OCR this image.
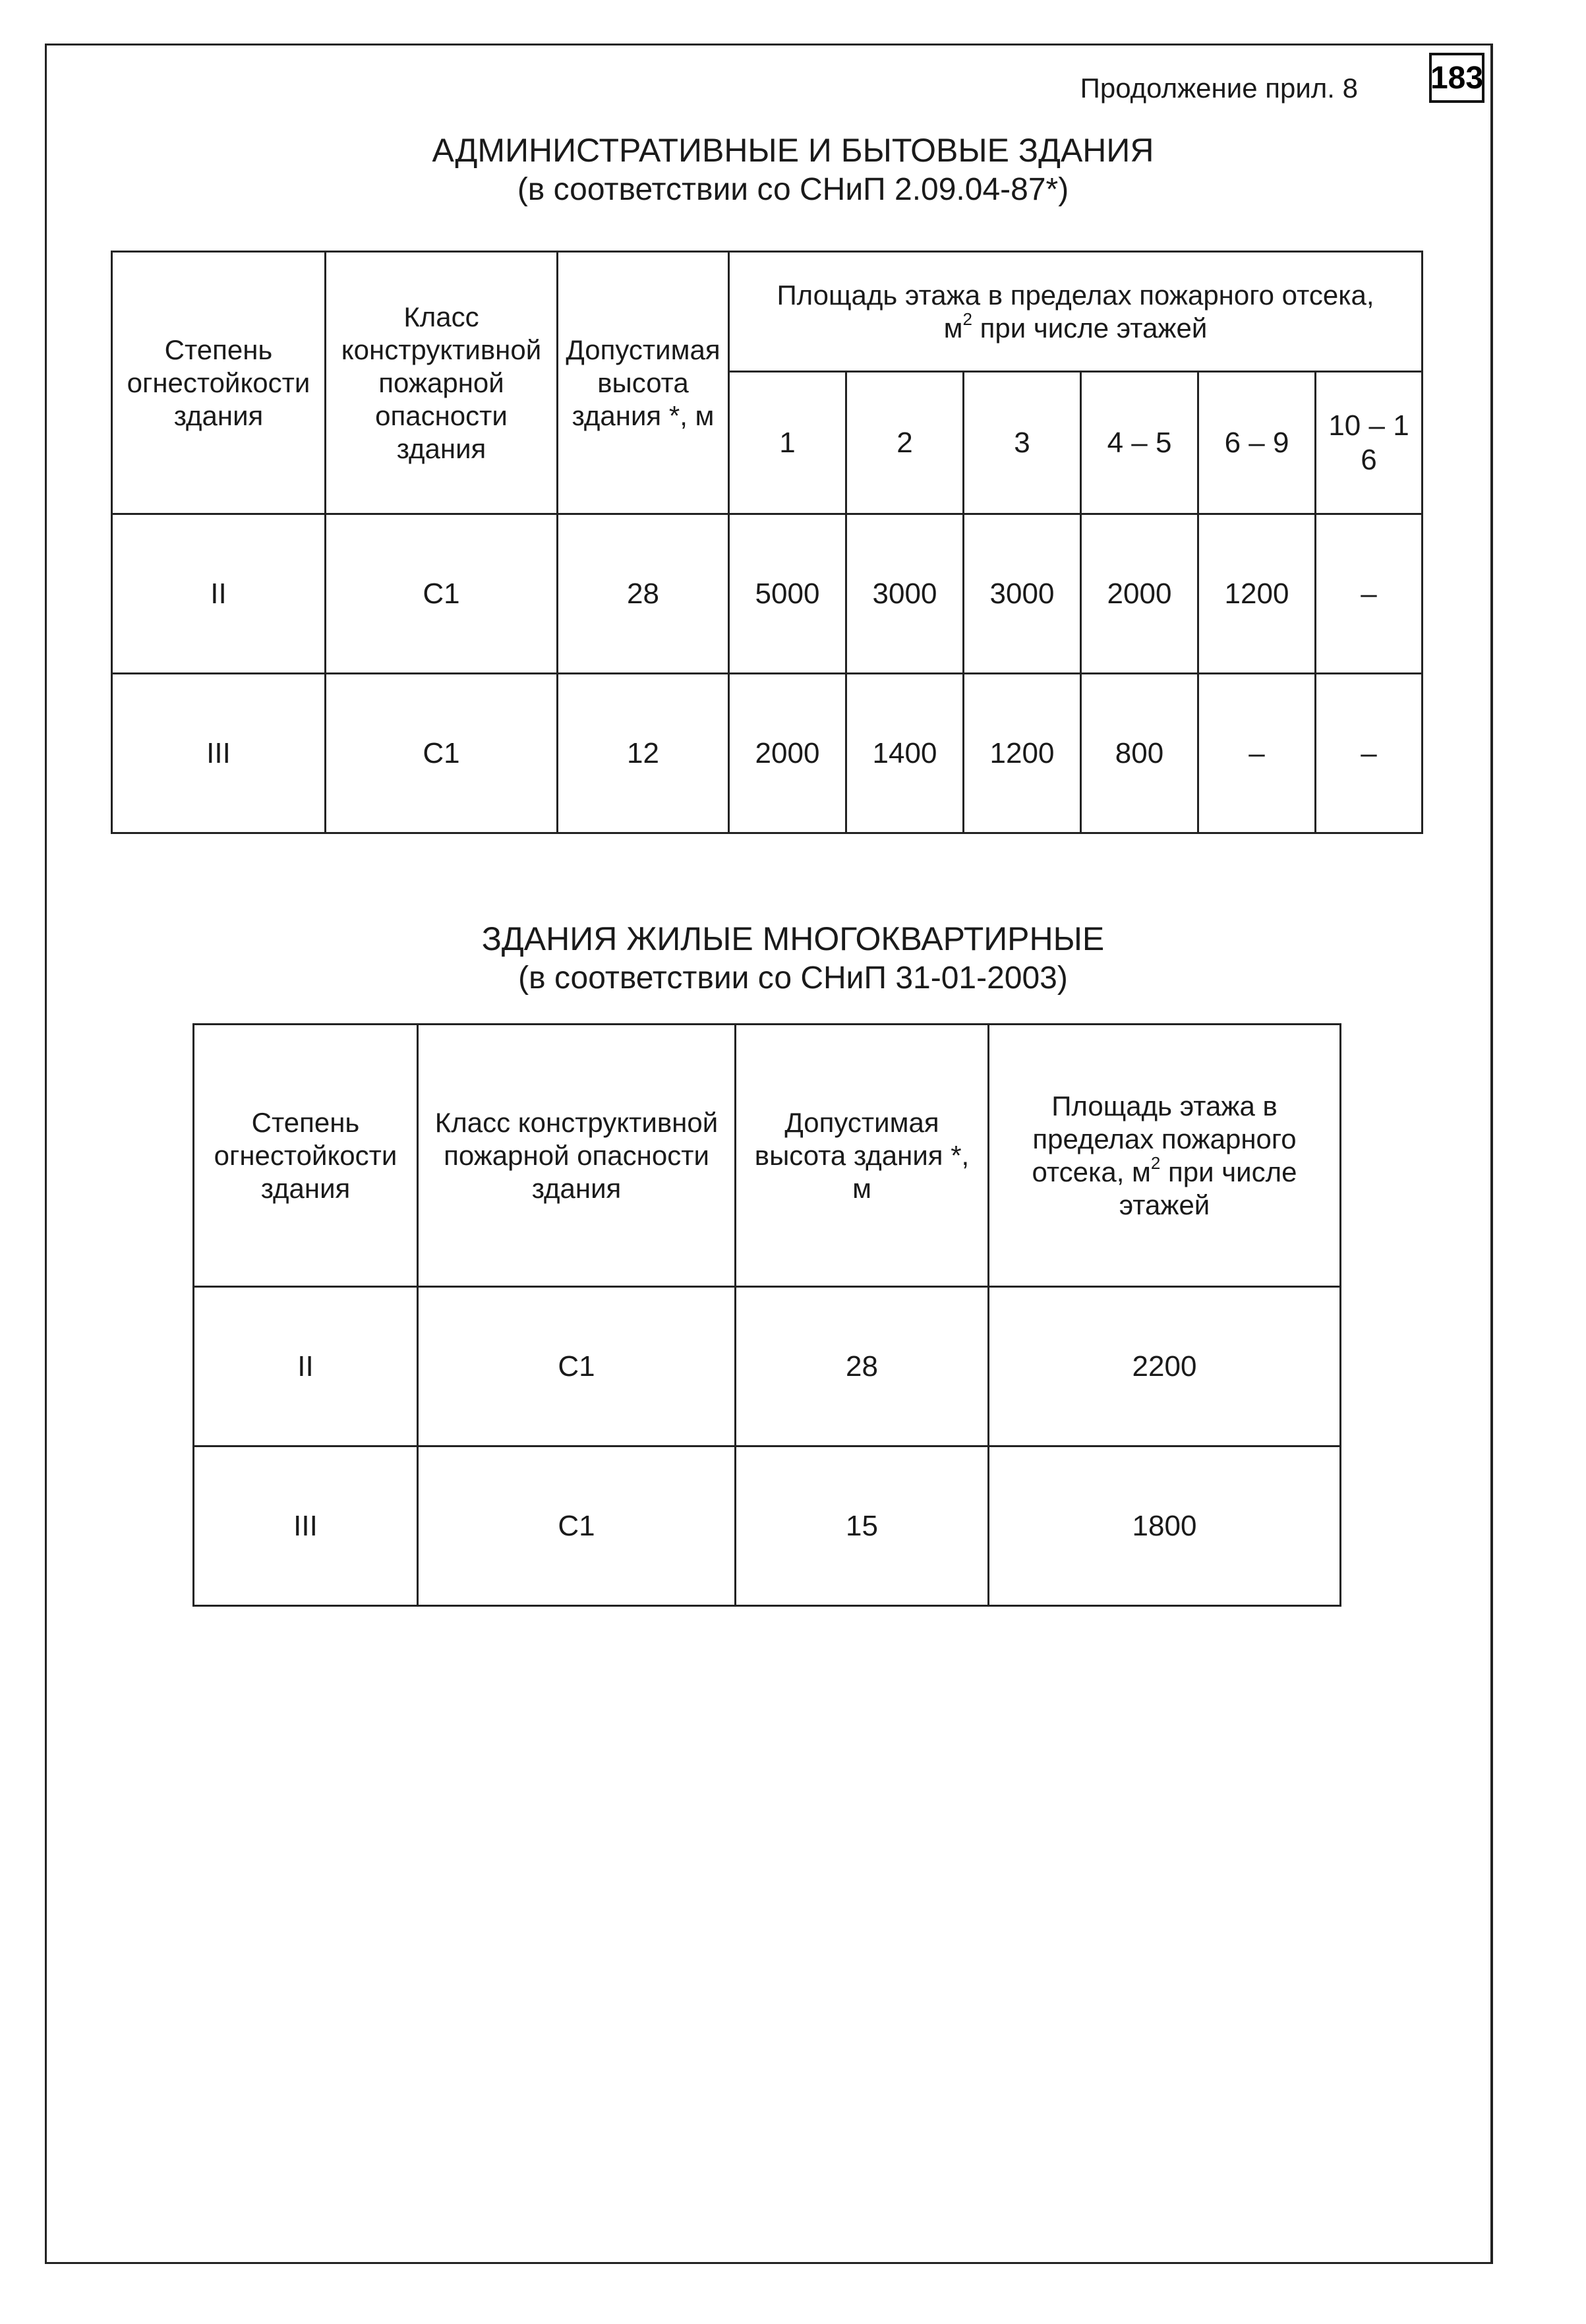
183
Продолжение прил. 8
АДМИНИСТРАТИВНЫЕ И БЫТОВЫЕ ЗДАНИЯ
(в соответствии со СНиП 2.09.04-87*)
Степень огнестойкости здания	Класс конструктивной пожарной опасности здания	Допустимая высота здания *, м	Площадь этажа в пределах пожарного отсека,
$м^2$ при числе этажей					
			1	2	3	4 – 5	6 – 9	10 – 1
6

II	С1	28	5000	3000	3000	2000	1200	–
III	С1	12	2000	1400	1200	800	–	–
ЗДАНИЯ ЖИЛЫЕ МНОГОКВАРТИРНЫЕ
(в соответствии со СНиП 31-01-2003)
Степень огнестойкости здания	Класс конструктивной пожарной опасности здания	Допустимая высота здания *, м	Площадь этажа в пределах пожарного отсека, $м^2$ при числе этажей
II	С1	28	2200
III	С1	15	1800
